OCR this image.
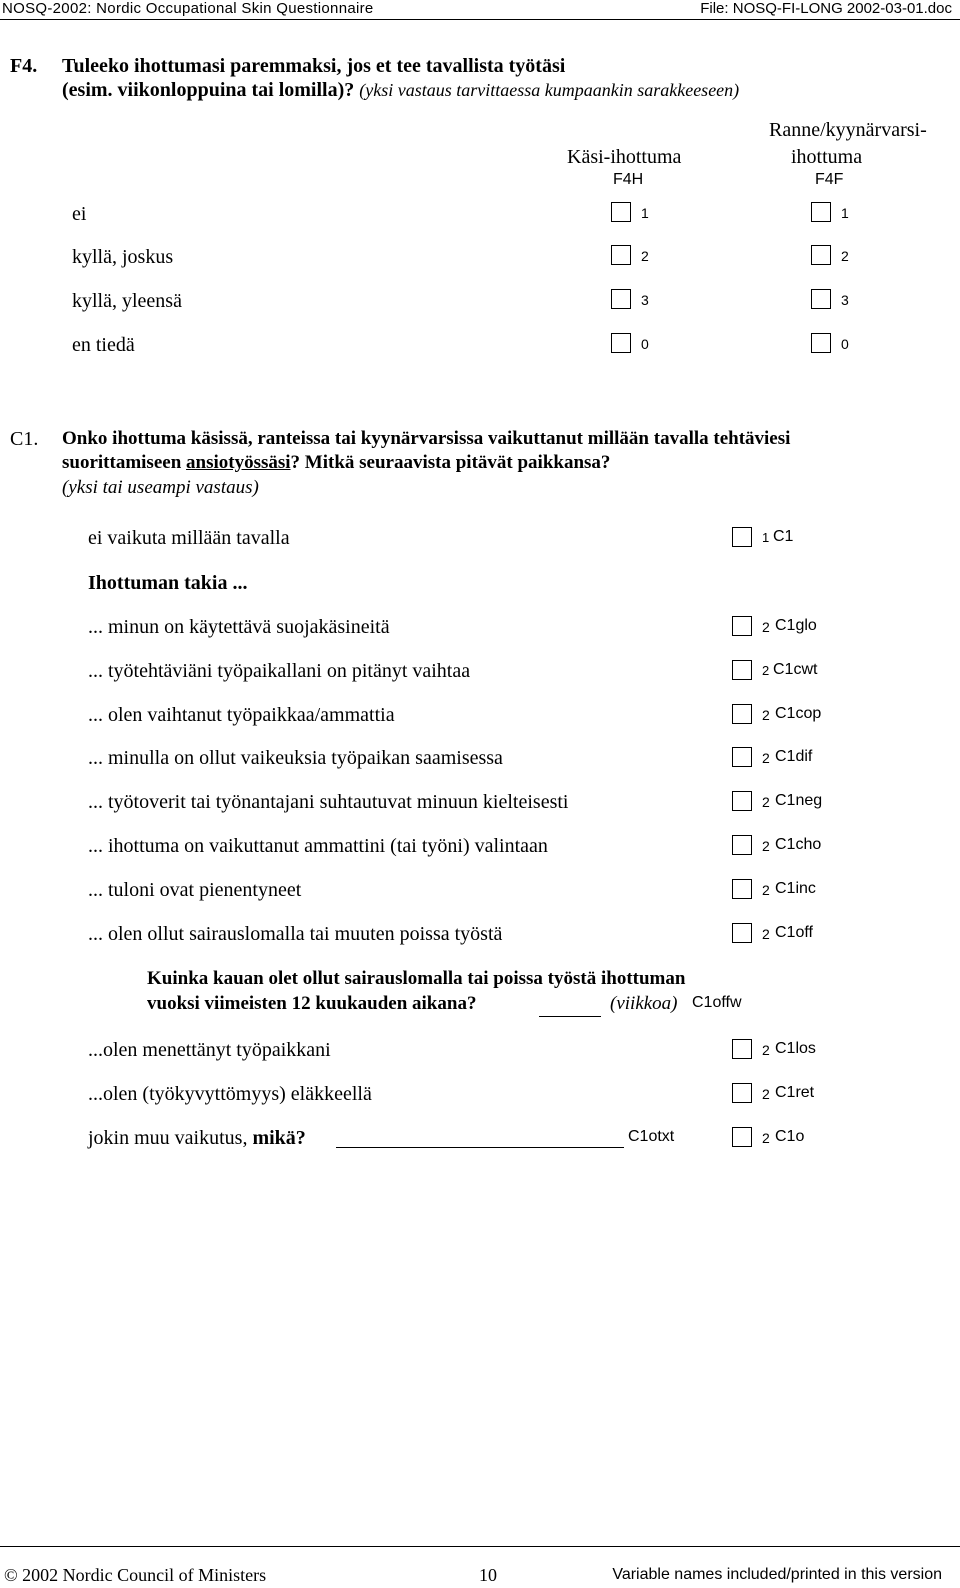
NOSQ-2002: Nordic Occupational Skin Questionnaire	File: NOSQ-FI-LONG 2002-03-01.doc
F4. Tuleeko ihottumasi paremmaksi, jos et tee tavallista työtäsi
(esim. viikonloppuina tai lomilla)? (yksi vastaus tarvittaessa kumpaankin sarakkeeseen)
Ranne/kyynärvarsi-
Käsi-ihottuma	ihottuma
F4H	F4F
ei	1	1
kyllä, joskus	2	2
kyllä, yleensä	3	3
en tiedä	0	0
C1. Onko ihottuma käsissä, ranteissa tai kyynärvarsissa vaikuttanut millään tavalla tehtäviesi
suorittamiseen ansiotyössäsi? Mitkä seuraavista pitävät paikkansa?
(yksi tai useampi vastaus)
ei vaikuta millään tavalla	1 C1
Ihottuman takia ...
... minun on käytettävä suojakäsineitä	2 C1glo
... työtehtäviäni työpaikallani on pitänyt vaihtaa	2 C1cwt
... olen vaihtanut työpaikkaa/ammattia	2 C1cop
... minulla on ollut vaikeuksia työpaikan saamisessa	2 C1dif
... työtoverit tai työnantajani suhtautuvat minuun kielteisesti	2 C1neg
... ihottuma on vaikuttanut ammattini (tai työni) valintaan	2 C1cho
... tuloni ovat pienentyneet	2 C1inc
... olen ollut sairauslomalla tai muuten poissa työstä	2 C1off
Kuinka kauan olet ollut sairauslomalla tai poissa työstä ihottuman
vuoksi viimeisten 12 kuukauden aikana?	(viikkoa) C1offw
...olen menettänyt työpaikkani	2 C1los
...olen (työkyvyttömyys) eläkkeellä	2 C1ret
jokin muu vaikutus, mikä?	C1otxt	2 C1o
© 2002 Nordic Council of Ministers	10	Variable names included/printed in this version
